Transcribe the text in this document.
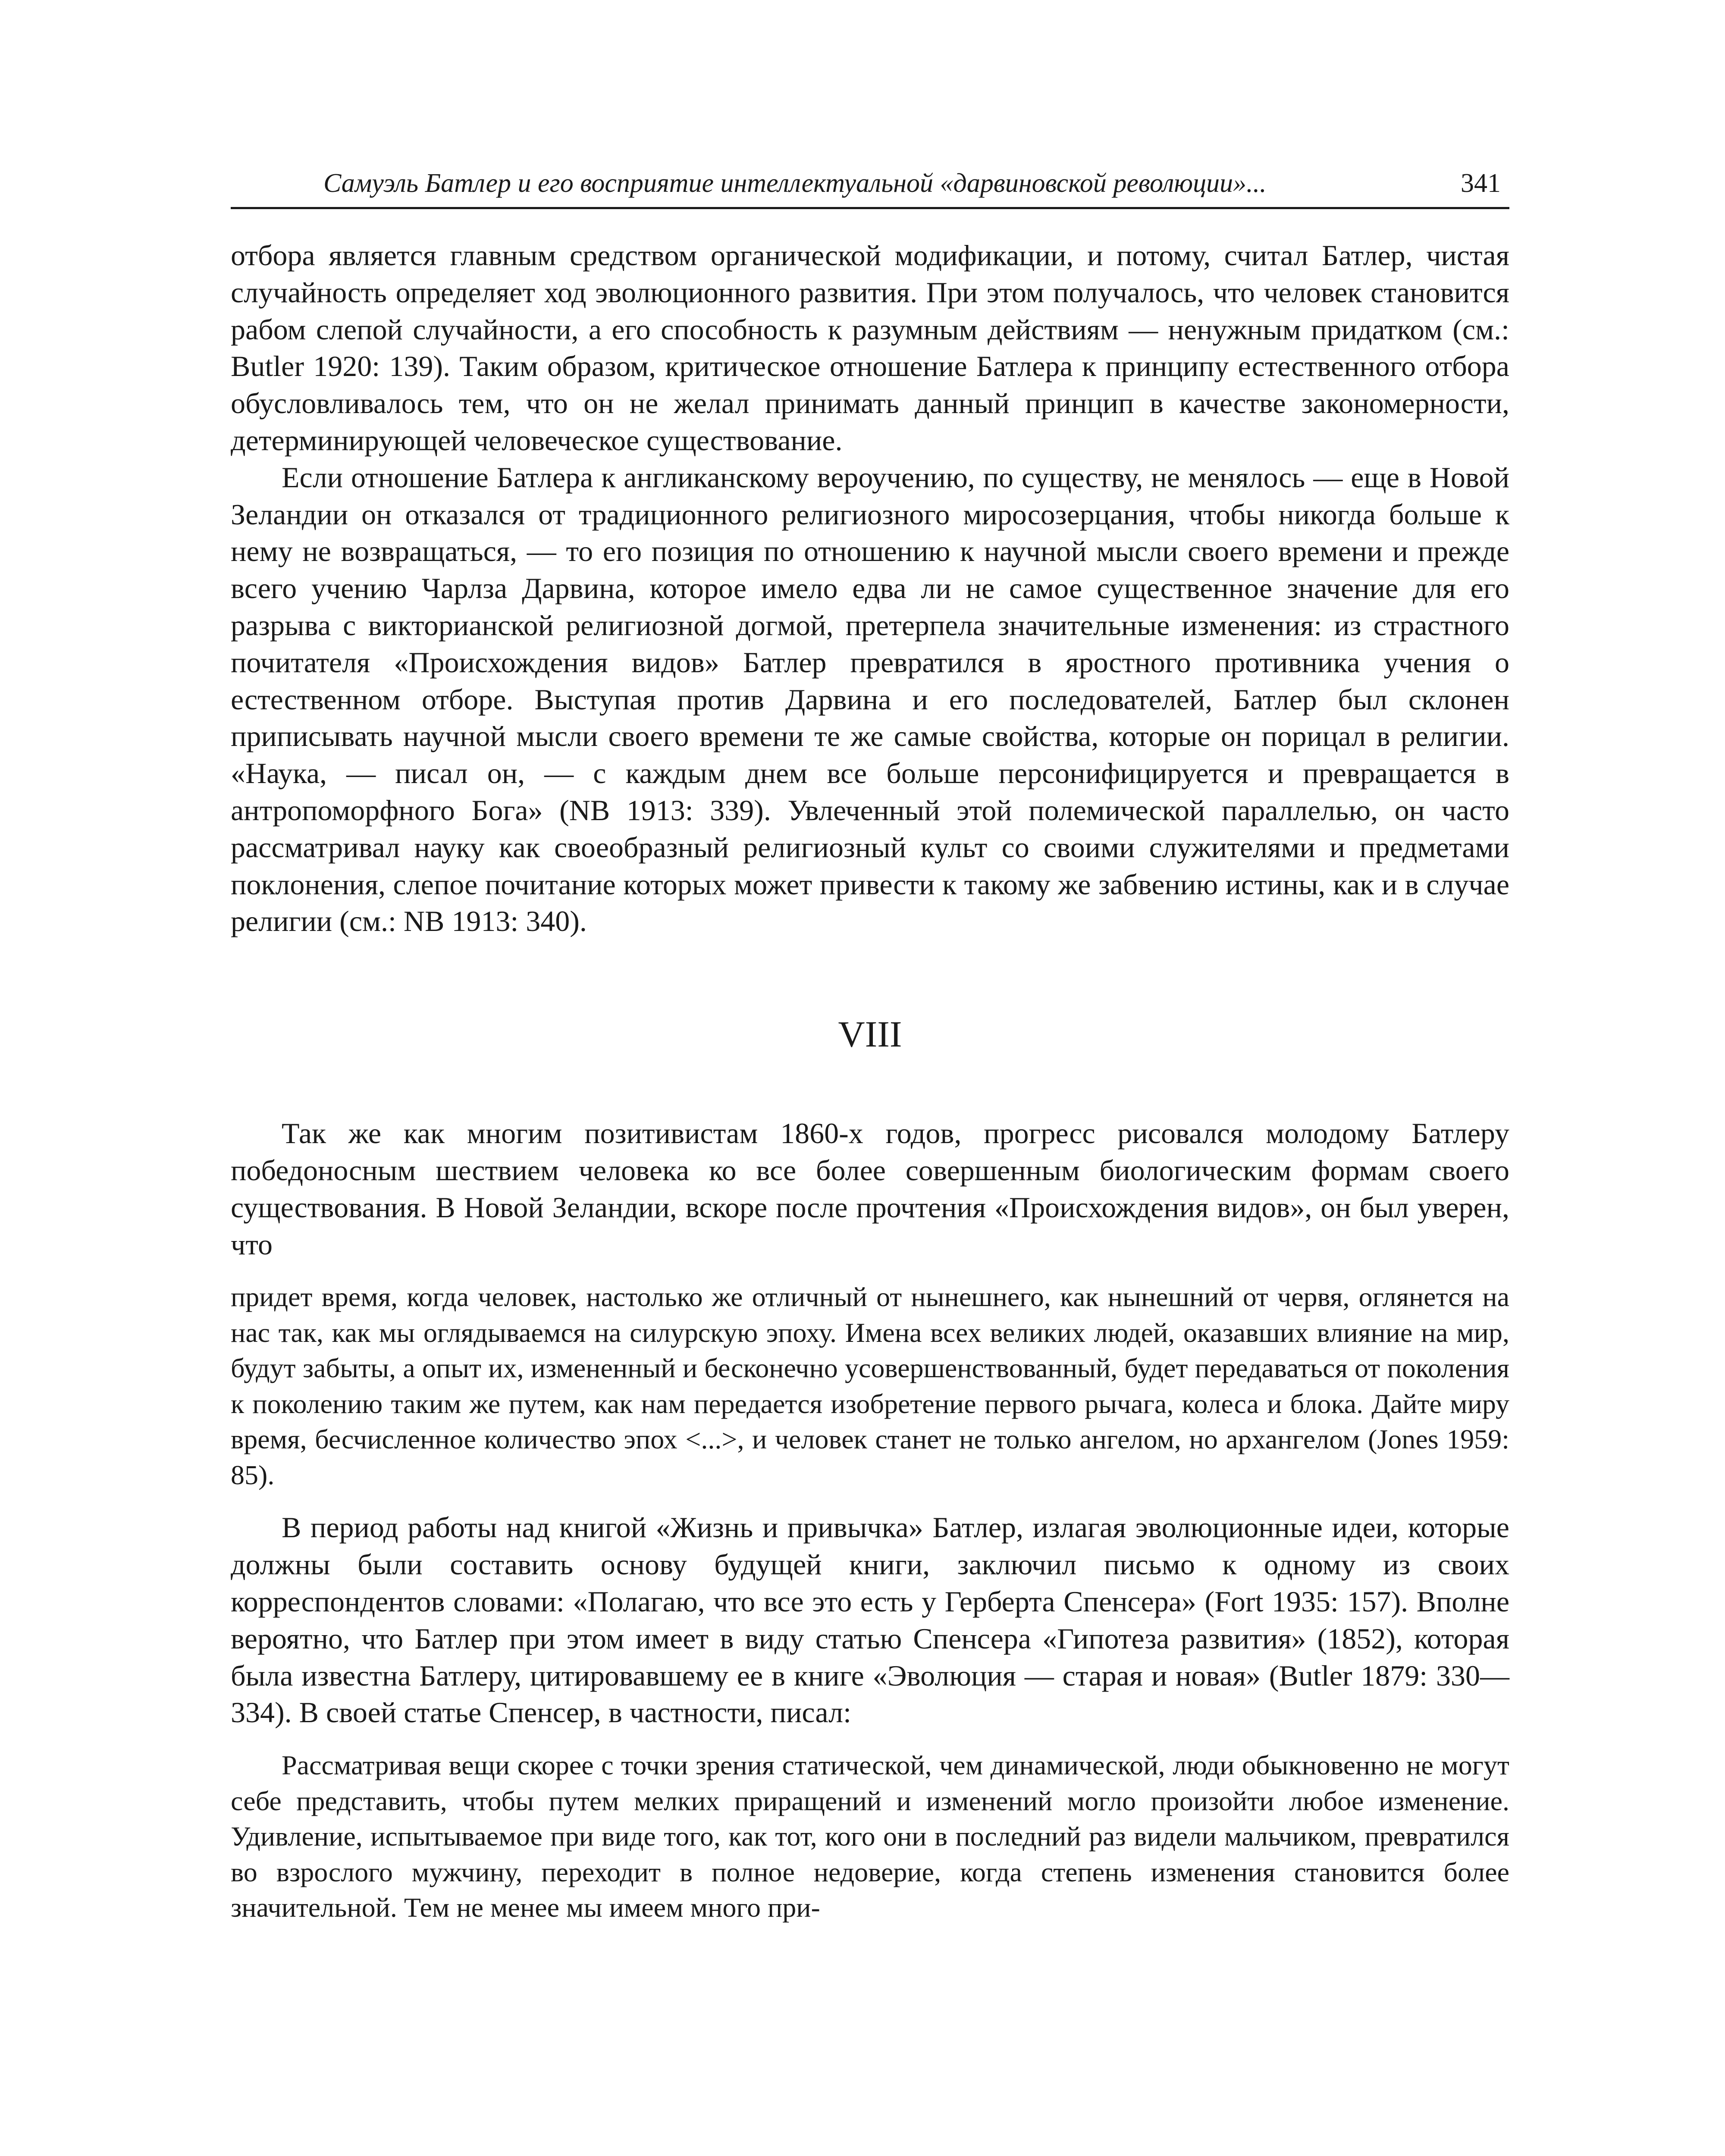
Самуэль Батлер и его восприятие интеллектуальной «дарвиновской революции»...	341

отбора является главным средством органической модификации, и потому, считал Батлер, чистая случайность определяет ход эволюционного развития. При этом получалось, что человек становится рабом слепой случайности, а его способность к разумным действиям — ненужным придатком (см.: Butler 1920: 139). Таким образом, критическое отношение Батлера к принципу естественного отбора обусловливалось тем, что он не желал принимать данный принцип в качестве закономерности, детерминирующей человеческое существование.

Если отношение Батлера к англиканскому вероучению, по существу, не менялось — еще в Новой Зеландии он отказался от традиционного религиозного миросозерцания, чтобы никогда больше к нему не возвращаться, — то его позиция по отношению к научной мысли своего времени и прежде всего учению Чарлза Дарвина, которое имело едва ли не самое существенное значение для его разрыва с викторианской религиозной догмой, претерпела значительные изменения: из страстного почитателя «Происхождения видов» Батлер превратился в яростного противника учения о естественном отборе. Выступая против Дарвина и его последователей, Батлер был склонен приписывать научной мысли своего времени те же самые свойства, которые он порицал в религии. «Наука, — писал он, — с каждым днем все больше персонифицируется и превращается в антропоморфного Бога» (NB 1913: 339). Увлеченный этой полемической параллелью, он часто рассматривал науку как своеобразный религиозный культ со своими служителями и предметами поклонения, слепое почитание которых может привести к такому же забвению истины, как и в случае религии (см.: NB 1913: 340).

VIII

Так же как многим позитивистам 1860-х годов, прогресс рисовался молодому Батлеру победоносным шествием человека ко все более совершенным биологическим формам своего существования. В Новой Зеландии, вскоре после прочтения «Происхождения видов», он был уверен, что

придет время, когда человек, настолько же отличный от нынешнего, как нынешний от червя, оглянется на нас так, как мы оглядываемся на силурскую эпоху. Имена всех великих людей, оказавших влияние на мир, будут забыты, а опыт их, измененный и бесконечно усовершенствованный, будет передаваться от поколения к поколению таким же путем, как нам передается изобретение первого рычага, колеса и блока. Дайте миру время, бесчисленное количество эпох <...>, и человек станет не только ангелом, но архангелом (Jones 1959: 85).

В период работы над книгой «Жизнь и привычка» Батлер, излагая эволюционные идеи, которые должны были составить основу будущей книги, заключил письмо к одному из своих корреспондентов словами: «Полагаю, что все это есть у Герберта Спенсера» (Fort 1935: 157). Вполне вероятно, что Батлер при этом имеет в виду статью Спенсера «Гипотеза развития» (1852), которая была известна Батлеру, цитировавшему ее в книге «Эволюция — старая и новая» (Butler 1879: 330—334). В своей статье Спенсер, в частности, писал:

Рассматривая вещи скорее с точки зрения статической, чем динамической, люди обыкновенно не могут себе представить, чтобы путем мелких приращений и изменений могло произойти любое изменение. Удивление, испытываемое при виде того, как тот, кого они в последний раз видели мальчиком, превратился во взрослого мужчину, переходит в полное недоверие, когда степень изменения становится более значительной. Тем не менее мы имеем много при-
